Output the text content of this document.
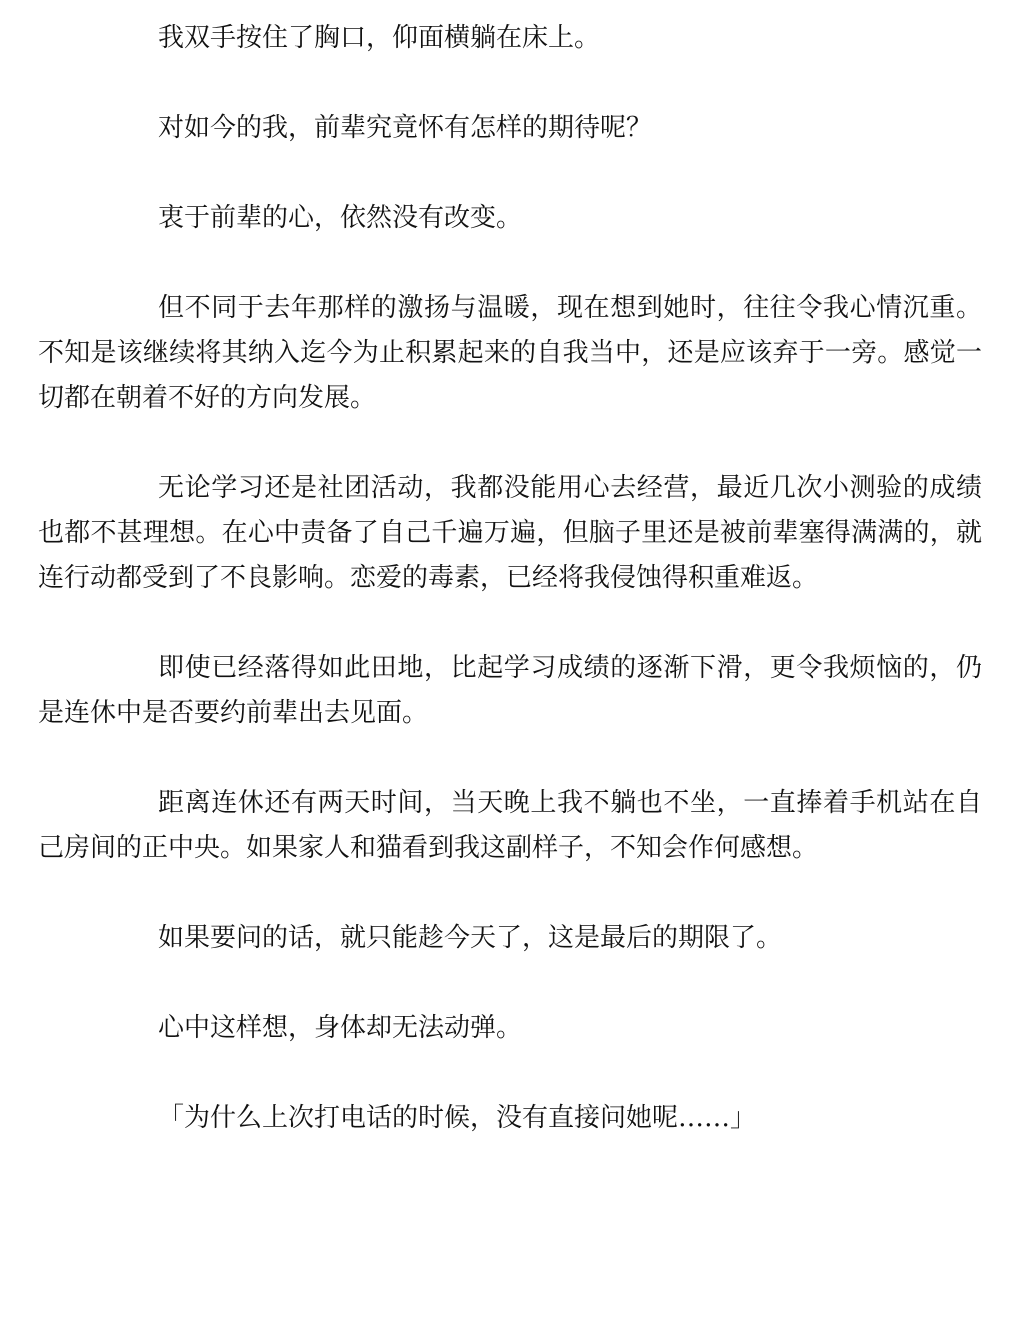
我双手按住了胸口，仰面横躺在床上。

对如今的我，前辈究竟怀有怎样的期待呢？

衷于前辈的心，依然没有改变。

但不同于去年那样的激扬与温暖，现在想到她时，往往令我心情沉重。不知是该继续将其纳入迄今为止积累起来的自我当中，还是应该弃于一旁。感觉一切都在朝着不好的方向发展。

无论学习还是社团活动，我都没能用心去经营，最近几次小测验的成绩也都不甚理想。在心中责备了自己千遍万遍，但脑子里还是被前辈塞得满满的，就连行动都受到了不良影响。恋爱的毒素，已经将我侵蚀得积重难返。

即使已经落得如此田地，比起学习成绩的逐渐下滑，更令我烦恼的，仍是连休中是否要约前辈出去见面。

距离连休还有两天时间，当天晚上我不躺也不坐，一直捧着手机站在自己房间的正中央。如果家人和猫看到我这副样子，不知会作何感想。

如果要问的话，就只能趁今天了，这是最后的期限了。

心中这样想，身体却无法动弹。

「为什么上次打电话的时候，没有直接问她呢……」
